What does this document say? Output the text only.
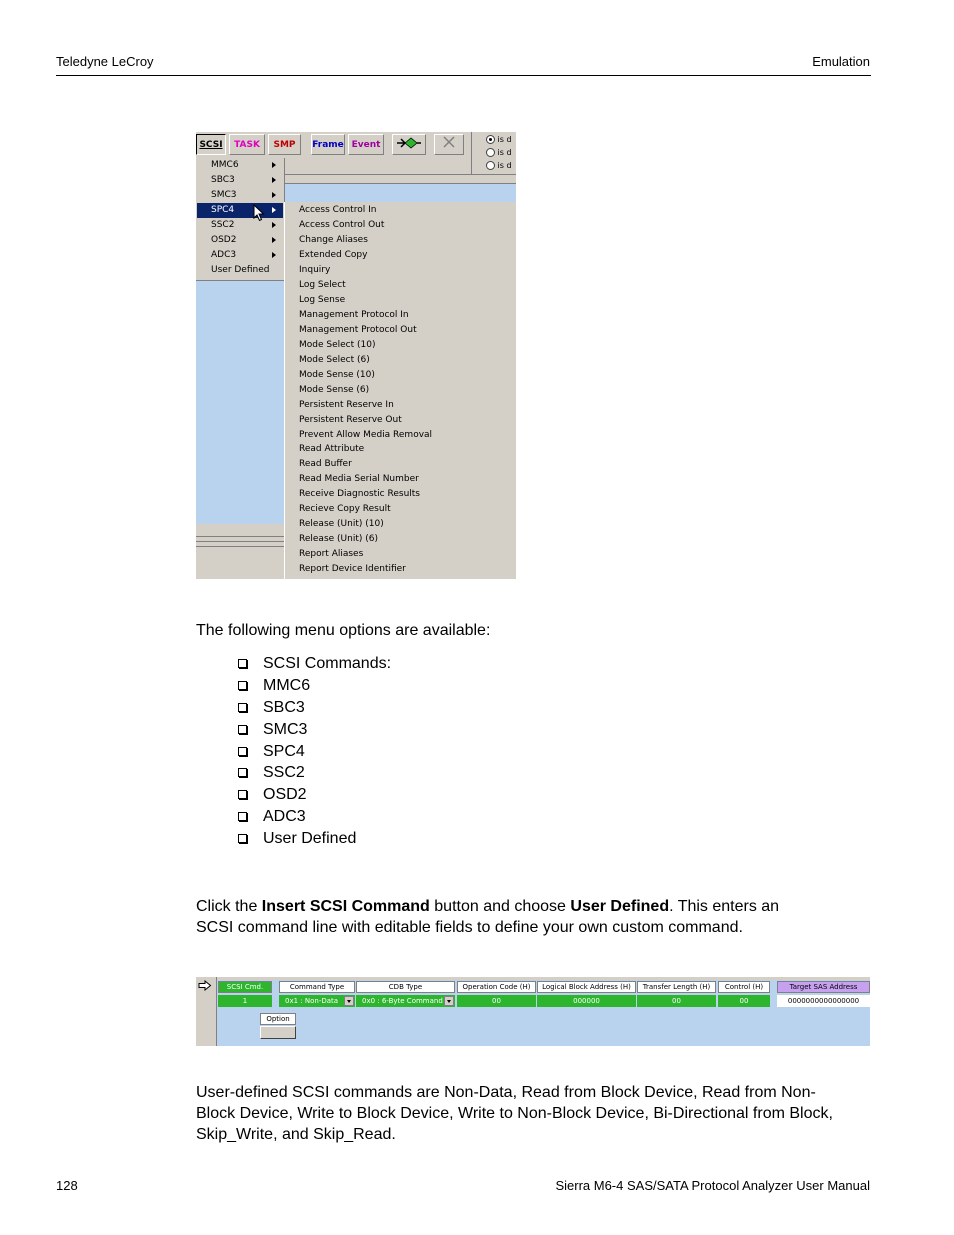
Teledyne LeCroy	Emulation
SCSI	TASK	SMP	Frame Event
is d
is d
is d
MMC6
SBC3
SMC3
SPC4
SSC2
OSD2
ADC3
User Defined
Access Control In
Access Control Out
Change Aliases
Extended Copy
Inquiry
Log Select
Log Sense
Management Protocol In
Management Protocol Out
Mode Select (10)
Mode Select (6)
Mode Sense (10)
Mode Sense (6)
Persistent Reserve In
Persistent Reserve Out
Prevent Allow Media Removal
Read Attribute
Read Buffer
Read Media Serial Number
Receive Diagnostic Results
Recieve Copy Result
Release (Unit) (10)
Release (Unit) (6)
Report Aliases
Report Device Identifier
The following menu options are available:
SCSI Commands:
MMC6
SBC3
SMC3
SPC4
SSC2
OSD2
ADC3
User Defined
Click the Insert SCSI Command button and choose User Defined. This enters an
SCSI command line with editable fields to define your own custom command.
SCSI Cmd.	Command Type	CDB Type	Operation Code (H)	Logical Block Address (H)	Transfer Length (H)	Control (H)	Target SAS Address
1	0x1 : Non-Data	0x0 : 6-Byte Command	00	000000	00	00	0000000000000000
Option
User-defined SCSI commands are Non-Data, Read from Block Device, Read from Non-
Block Device, Write to Block Device, Write to Non-Block Device, Bi-Directional from Block,
Skip_Write, and Skip_Read.
128	Sierra M6-4 SAS/SATA Protocol Analyzer User Manual
